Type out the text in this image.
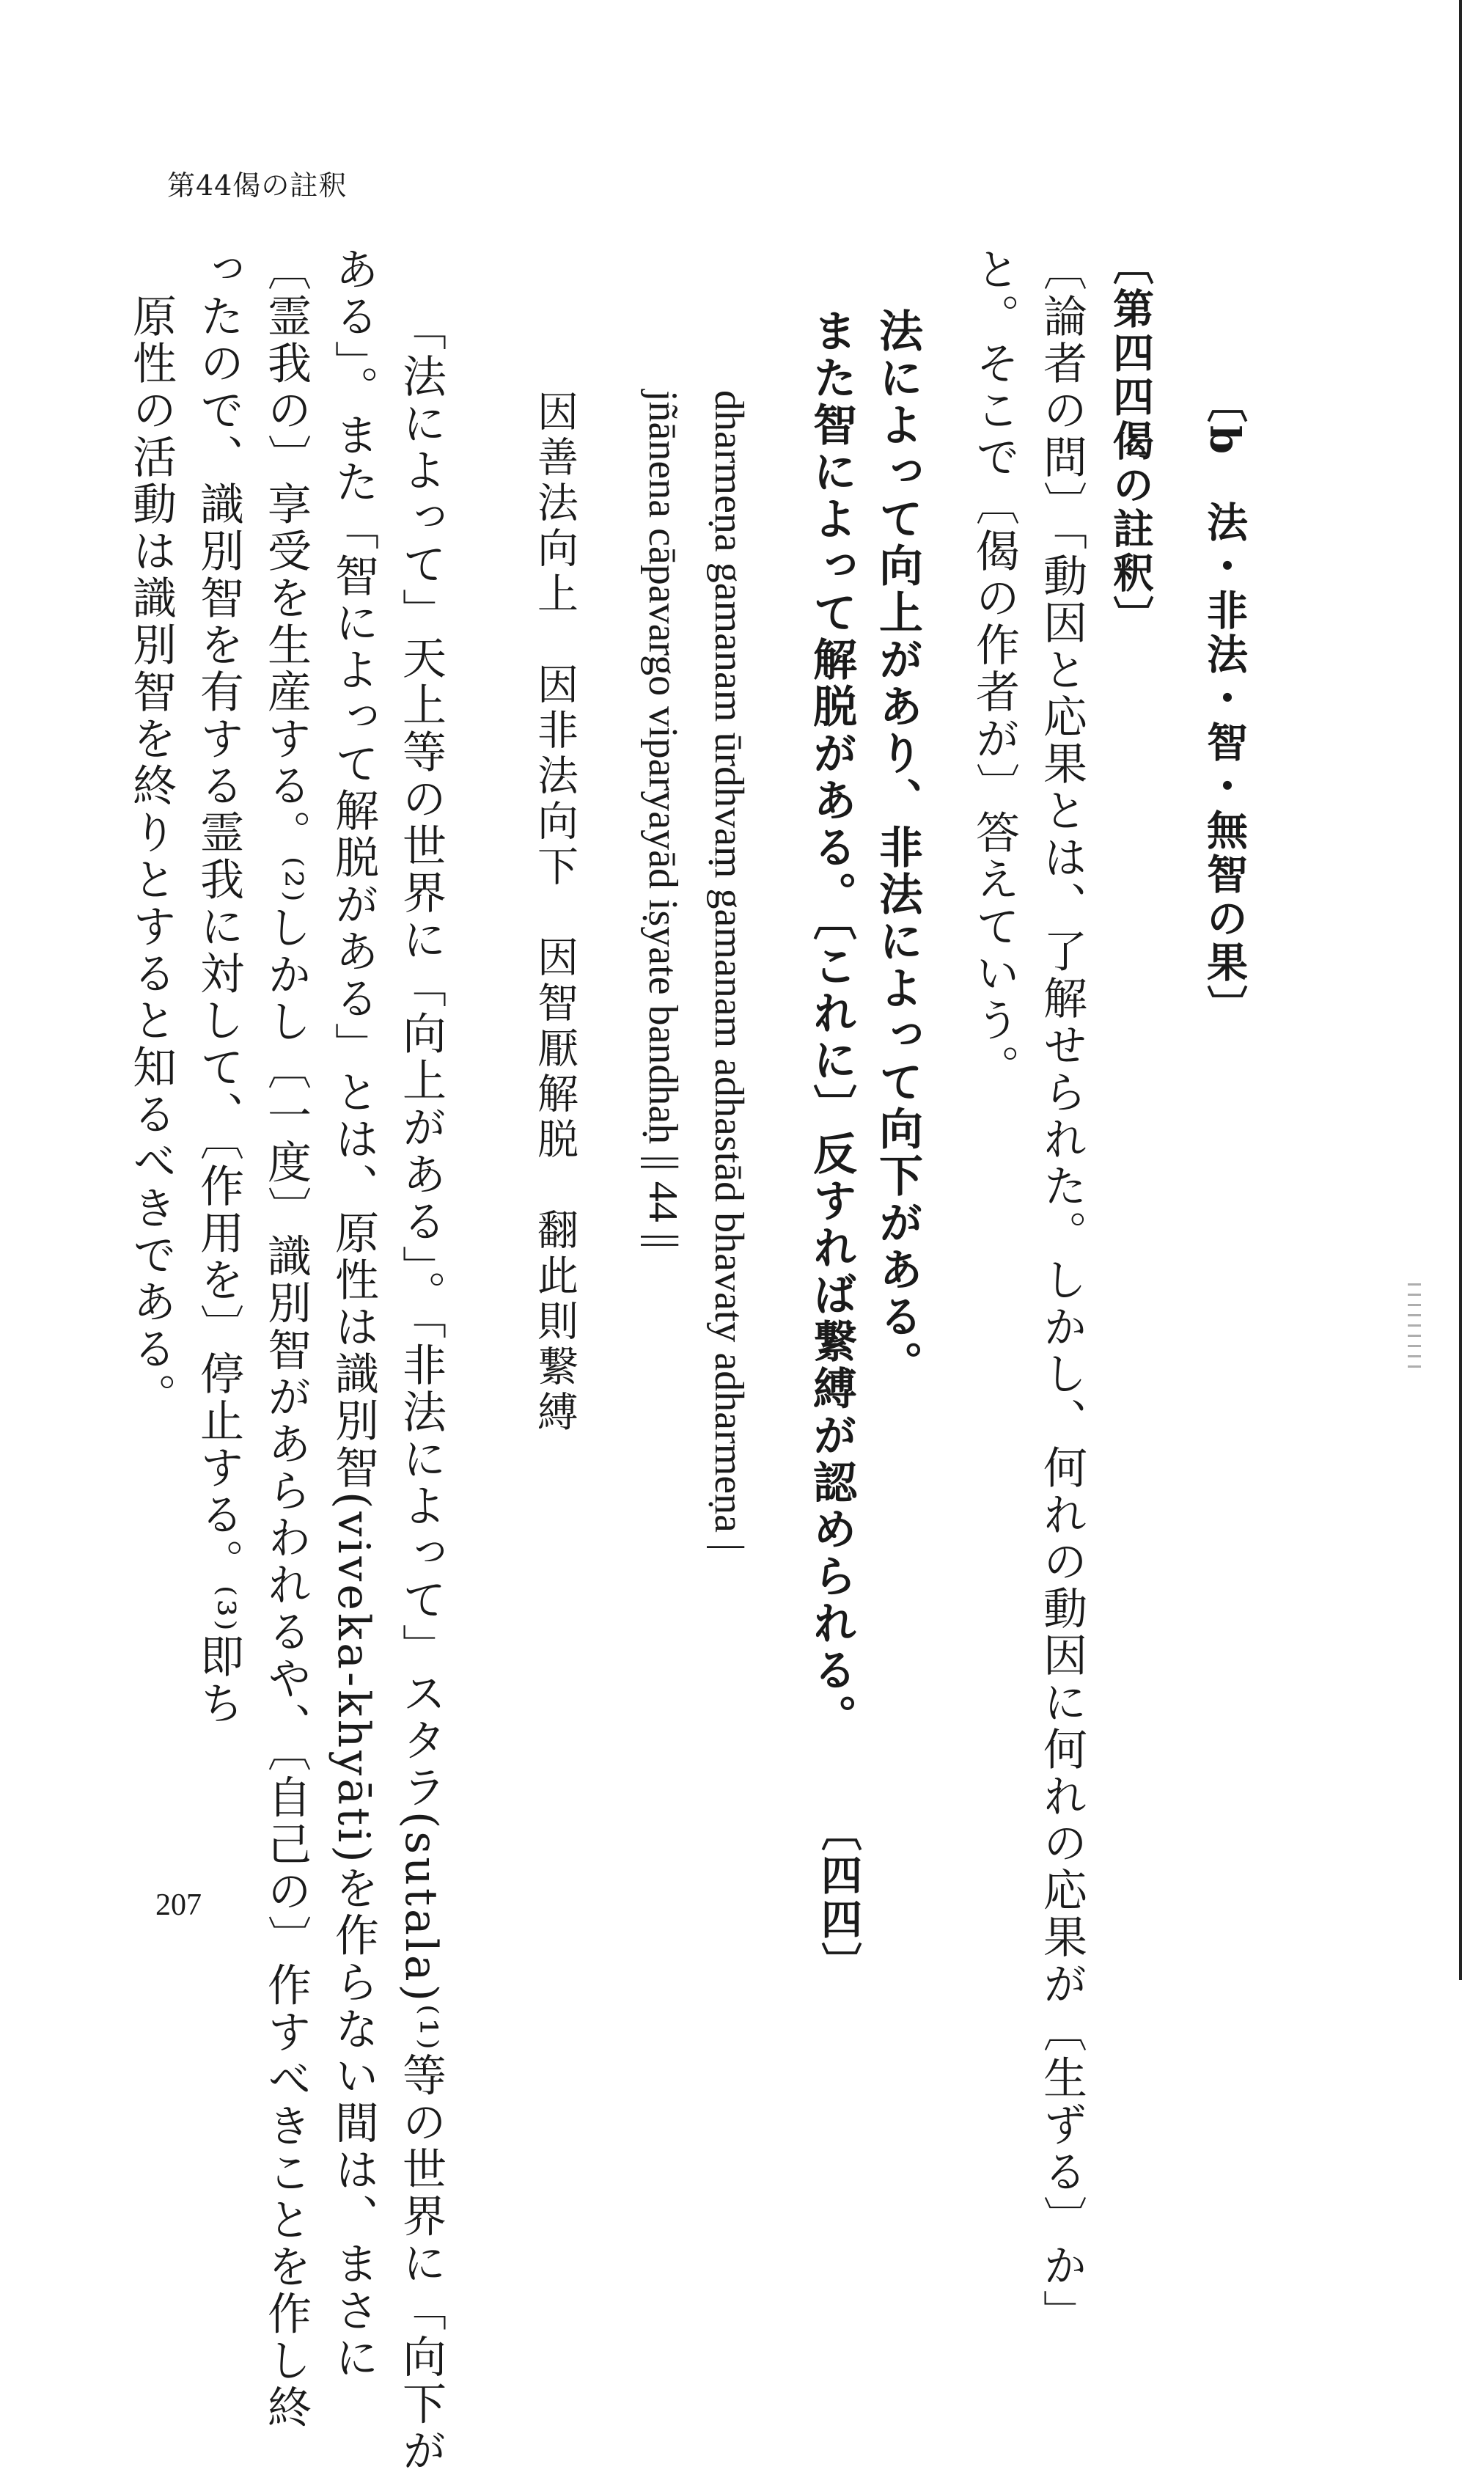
第44偈の註釈
〔b　法・非法・智・無智の果〕
〔第四四偈の註釈〕
〔論者の問〕「動因と応果とは、了解せられた。しかし、何れの動因に何れの応果が〔生ずる〕か」
と。そこで〔偈の作者が〕答えていう。
法によって向上があり、非法によって向下がある。
また智によって解脱がある。〔これに〕反すれば繋縛が認められる。
〔四四〕
dharmeṇa gamanam ūrdhvaṃ gamanam adhastād bhavaty adharmeṇa |
jñānena cāpavargo viparyayād iṣyate bandhaḥ || 44 ||
因善法向上　因非法向下　因智厭解脱　翻此則繋縛
「法によって」天上等の世界に「向上がある」。「非法によって」スタラ(sutala)⁽¹⁾等の世界に「向下が
ある」。また「智によって解脱がある」とは、原性は識別智(viveka-khyāti)を作らない間は、まさに
〔霊我の〕享受を生産する。⁽²⁾しかし〔一度〕識別智があらわれるや、〔自己の〕作すべきことを作し終
ったので、識別智を有する霊我に対して、〔作用を〕停止する。⁽³⁾即ち
　原性の活動は識別智を終りとすると知るべきである。
207
